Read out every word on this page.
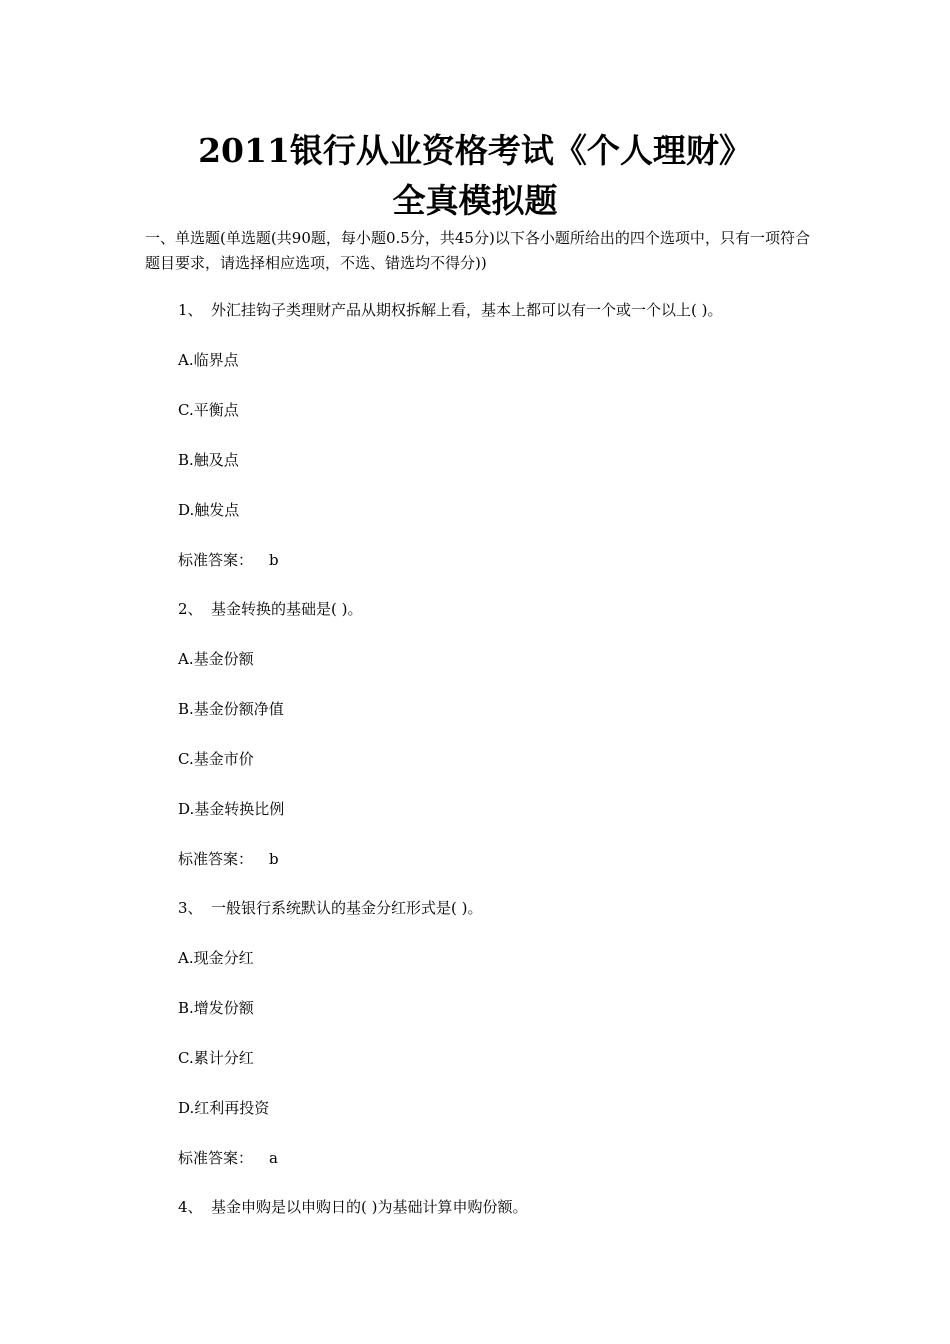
2011银行从业资格考试《个人理财》
全真模拟题
一、单选题(单选题(共90题，每小题0.5分，共45分)以下各小题所给出的四个选项中，只有一项符合题目要求，请选择相应选项，不选、错选均不得分))
1、 外汇挂钩子类理财产品从期权拆解上看，基本上都可以有一个或一个以上( )。
A.临界点
C.平衡点
B.触及点
D.触发点
标准答案： b
2、 基金转换的基础是( )。
A.基金份额
B.基金份额净值
C.基金市价
D.基金转换比例
标准答案： b
3、 一般银行系统默认的基金分红形式是( )。
A.现金分红
B.增发份额
C.累计分红
D.红利再投资
标准答案： a
4、 基金申购是以申购日的( )为基础计算申购份额。
